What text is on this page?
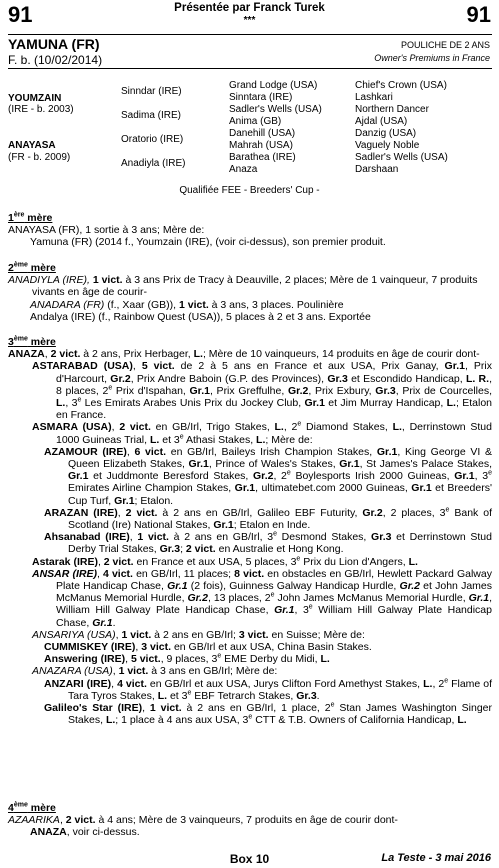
91	91
Présentée par Franck Turek
***
YAMUNA (FR)
F. b. (10/02/2014)
POULICHE DE 2 ANS
Owner's Premiums in France
YOUMZAIN
(IRE - b. 2003)
ANAYASA
(FR - b. 2009)
Sinndar (IRE)
Sadima (IRE)
Oratorio (IRE)
Anadiyla (IRE)
Grand Lodge (USA)
Sinntara (IRE)
Sadler's Wells (USA)
Anima (GB)
Danehill (USA)
Mahrah (USA)
Barathea (IRE)
Anaza
Chief's Crown (USA)
Lashkari
Northern Dancer
Ajdal (USA)
Danzig (USA)
Vaguely Noble
Sadler's Wells (USA)
Darshaan
Qualifiée FEE - Breeders' Cup -

1ère mère

ANAYASA (FR), 1 sortie à 3 ans; Mère de:

Yamuna (FR) (2014 f., Youmzain (IRE), (voir ci-dessus), son premier produit.

2ème mère

ANADIYLA (IRE), 1 vict. à 3 ans Prix de Tracy à Deauville, 2 places; Mère de 1 vainqueur, 7 produits vivants en âge de courir-

ANADARA (FR) (f., Xaar (GB)), 1 vict. à 3 ans, 3 places. Poulinière

Andalya (IRE) (f., Rainbow Quest (USA)), 5 places à 2 et 3 ans. Exportée

3ème mère

ANAZA, 2 vict. à 2 ans, Prix Herbager, L.; Mère de 10 vainqueurs, 14 produits en âge de courir dont-

ASTARABAD (USA), 5 vict. de 2 à 5 ans en France et aux USA, Prix Ganay, Gr.1, Prix d'Harcourt, Gr.2, Prix Andre Baboin (G.P. des Provinces), Gr.3 et Escondido Handicap, L. R., 8 places, 2e Prix d'Ispahan, Gr.1, Prix Greffulhe, Gr.2, Prix Exbury, Gr.3, Prix de Courcelles, L., 3e Les Emirats Arabes Unis Prix du Jockey Club, Gr.1 et Jim Murray Handicap, L.; Etalon en France.

ASMARA (USA), 2 vict. en GB/Irl, Trigo Stakes, L., 2e Diamond Stakes, L., Derrinstown Stud 1000 Guineas Trial, L. et 3e Athasi Stakes, L.; Mère de:

AZAMOUR (IRE), 6 vict. en GB/Irl, Baileys Irish Champion Stakes, Gr.1, King George VI & Queen Elizabeth Stakes, Gr.1, Prince of Wales's Stakes, Gr.1, St James's Palace Stakes, Gr.1 et Juddmonte Beresford Stakes, Gr.2, 2e Boylesports Irish 2000 Guineas, Gr.1, 3e Emirates Airline Champion Stakes, Gr.1, ultimatebet.com 2000 Guineas, Gr.1 et Breeders' Cup Turf, Gr.1; Etalon.

ARAZAN (IRE), 2 vict. à 2 ans en GB/Irl, Galileo EBF Futurity, Gr.2, 2 places, 3e Bank of Scotland (Ire) National Stakes, Gr.1; Etalon en Inde.

Ahsanabad (IRE), 1 vict. à 2 ans en GB/Irl, 3e Desmond Stakes, Gr.3 et Derrinstown Stud Derby Trial Stakes, Gr.3; 2 vict. en Australie et Hong Kong.

Astarak (IRE), 2 vict. en France et aux USA, 5 places, 3e Prix du Lion d'Angers, L.

ANSAR (IRE), 4 vict. en GB/Irl, 11 places; 8 vict. en obstacles en GB/Irl, Hewlett Packard Galway Plate Handicap Chase, Gr.1 (2 fois), Guinness Galway Handicap Hurdle, Gr.2 et John James McManus Memorial Hurdle, Gr.2, 13 places, 2e John James McManus Memorial Hurdle, Gr.1, William Hill Galway Plate Handicap Chase, Gr.1, 3e William Hill Galway Plate Handicap Chase, Gr.1.

ANSARIYA (USA), 1 vict. à 2 ans en GB/Irl; 3 vict. en Suisse; Mère de:

CUMMISKEY (IRE), 3 vict. en GB/Irl et aux USA, China Basin Stakes.

Answering (IRE), 5 vict., 9 places, 3e EME Derby du Midi, L.

ANAZARA (USA), 1 vict. à 3 ans en GB/Irl; Mère de:

ANZARI (IRE), 4 vict. en GB/Irl et aux USA, Jurys Clifton Ford Amethyst Stakes, L., 2e Flame of Tara Tyros Stakes, L. et 3e EBF Tetrarch Stakes, Gr.3.

Galileo's Star (IRE), 1 vict. à 2 ans en GB/Irl, 1 place, 2e Stan James Washington Singer Stakes, L.; 1 place à 4 ans aux USA, 3e CTT & T.B. Owners of California Handicap, L.

4ème mère

AZAARIKA, 2 vict. à 4 ans; Mère de 3 vainqueurs, 7 produits en âge de courir dont-

ANAZA, voir ci-dessus.

Box 10	La Teste - 3 mai 2016
